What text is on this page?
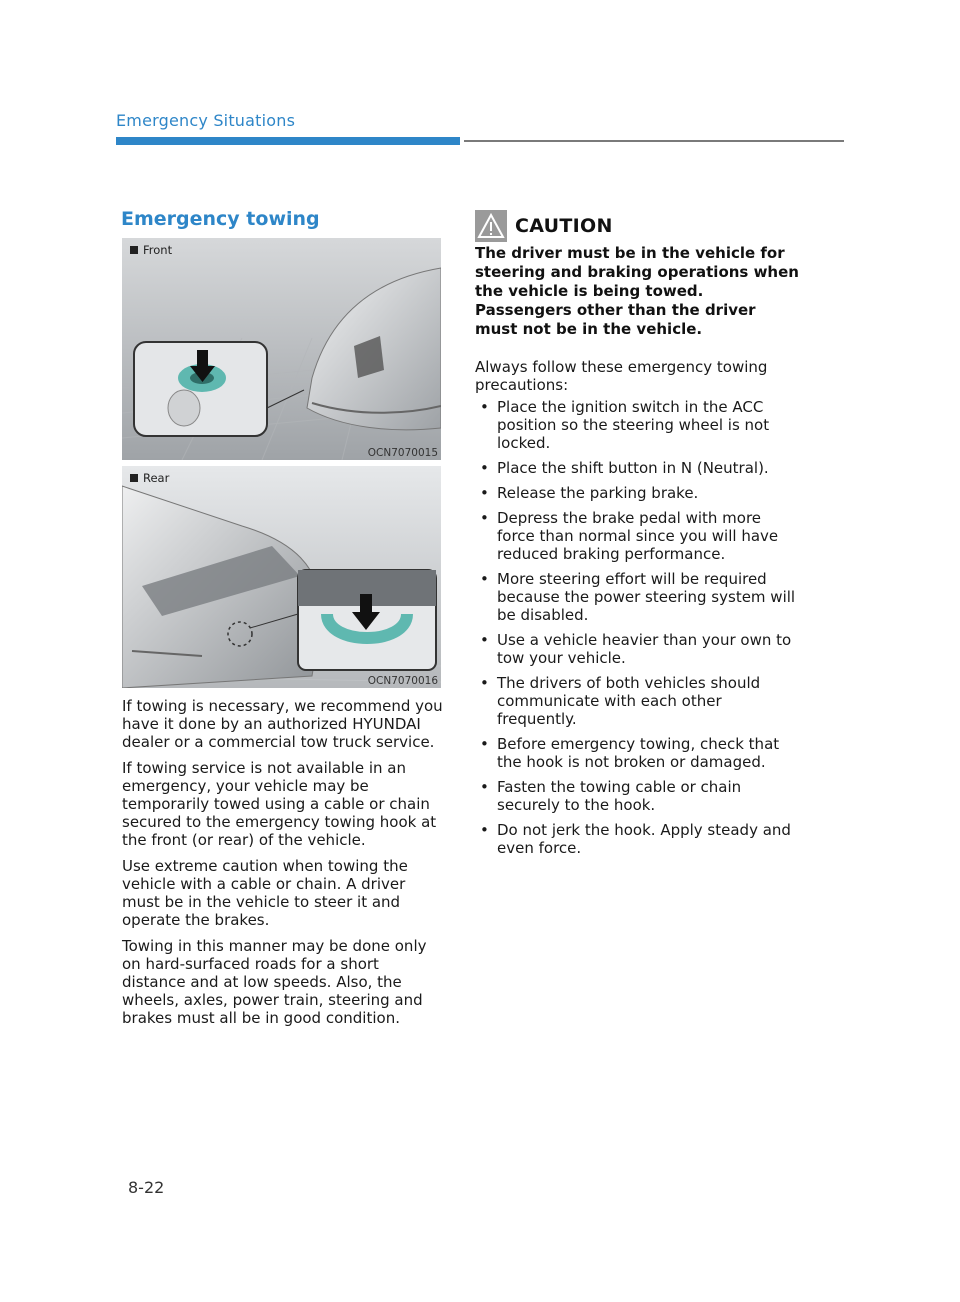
Emergency Situations
Emergency towing
Front
OCN7070015
Rear
OCN7070016

If towing is necessary, we recommend you have it done by an authorized HYUNDAI dealer or a commercial tow truck service.

If towing service is not available in an emergency, your vehicle may be temporarily towed using a cable or chain secured to the emergency towing hook at the front (or rear) of the vehicle.

Use extreme caution when towing the vehicle with a cable or chain. A driver must be in the vehicle to steer it and operate the brakes.

Towing in this manner may be done only on hard-surfaced roads for a short distance and at low speeds. Also, the wheels, axles, power train, steering and brakes must all be in good condition.

CAUTION
The driver must be in the vehicle for steering and braking operations when the vehicle is being towed. Passengers other than the driver must not be in the vehicle.

Always follow these emergency towing precautions:

• Place the ignition switch in the ACC position so the steering wheel is not locked.
• Place the shift button in N (Neutral).
• Release the parking brake.
• Depress the brake pedal with more force than normal since you will have reduced braking performance.
• More steering effort will be required because the power steering system will be disabled.
• Use a vehicle heavier than your own to tow your vehicle.
• The drivers of both vehicles should communicate with each other frequently.
• Before emergency towing, check that the hook is not broken or damaged.
• Fasten the towing cable or chain securely to the hook.
• Do not jerk the hook. Apply steady and even force.
8-22
